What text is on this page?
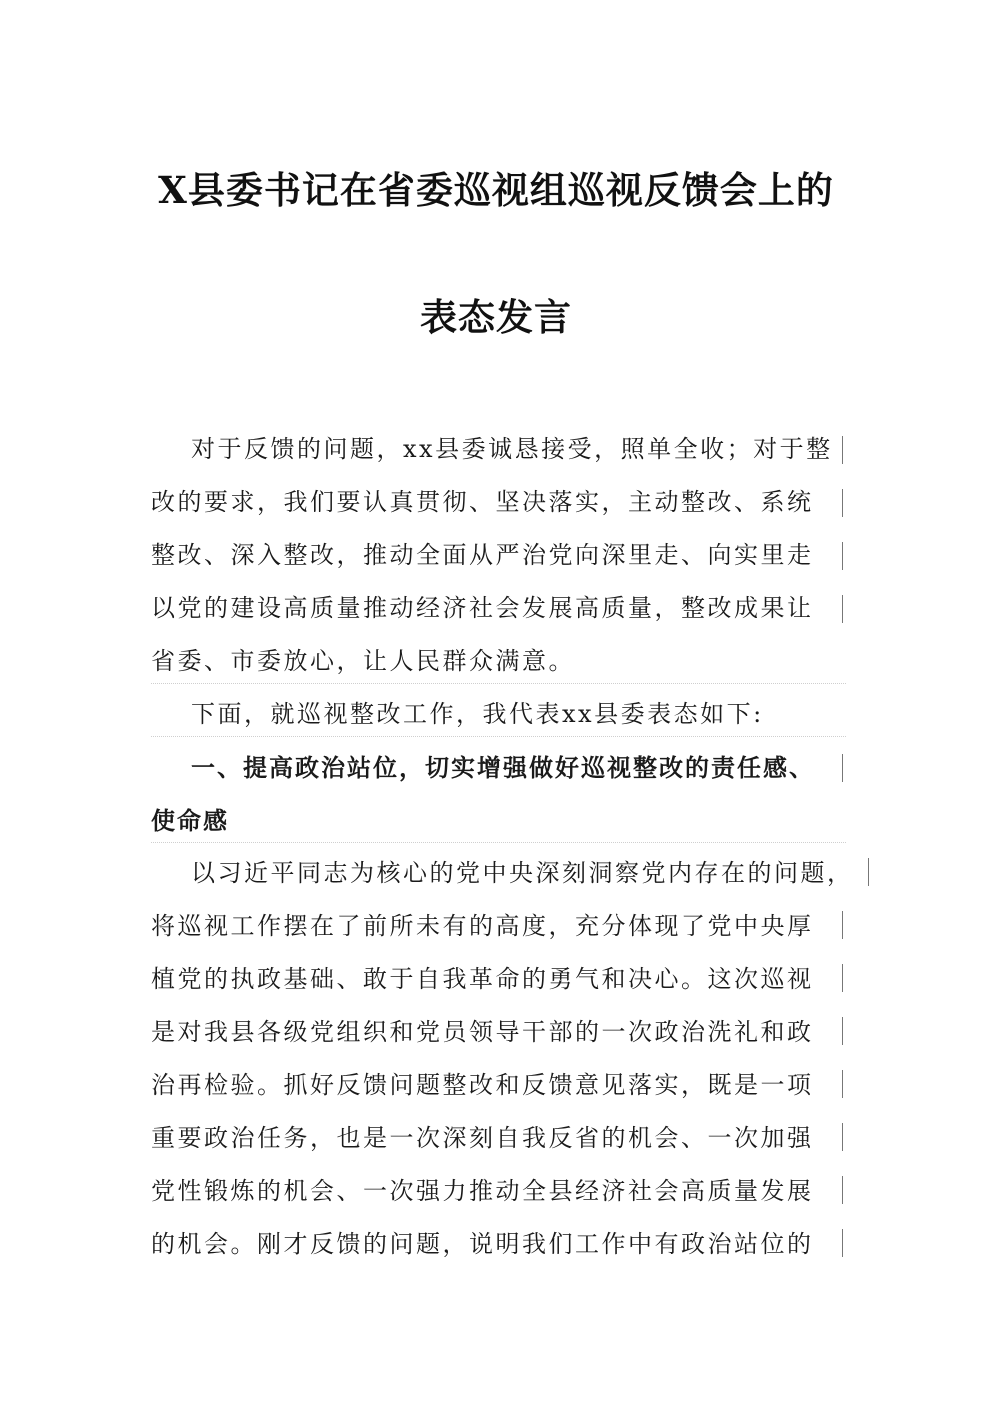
X县委书记在省委巡视组巡视反馈会上的
表态发言
对于反馈的问题，xx县委诚恳接受，照单全收；对于整
改的要求，我们要认真贯彻、坚决落实，主动整改、系统
整改、深入整改，推动全面从严治党向深里走、向实里走
以党的建设高质量推动经济社会发展高质量，整改成果让
省委、市委放心，让人民群众满意。
下面，就巡视整改工作，我代表xx县委表态如下:
一、提高政治站位，切实增强做好巡视整改的责任感、
使命感
以习近平同志为核心的党中央深刻洞察党内存在的问题，
将巡视工作摆在了前所未有的高度，充分体现了党中央厚
植党的执政基础、敢于自我革命的勇气和决心。这次巡视
是对我县各级党组织和党员领导干部的一次政治洗礼和政
治再检验。抓好反馈问题整改和反馈意见落实，既是一项
重要政治任务，也是一次深刻自我反省的机会、一次加强
党性锻炼的机会、一次强力推动全县经济社会高质量发展
的机会。刚才反馈的问题，说明我们工作中有政治站位的
